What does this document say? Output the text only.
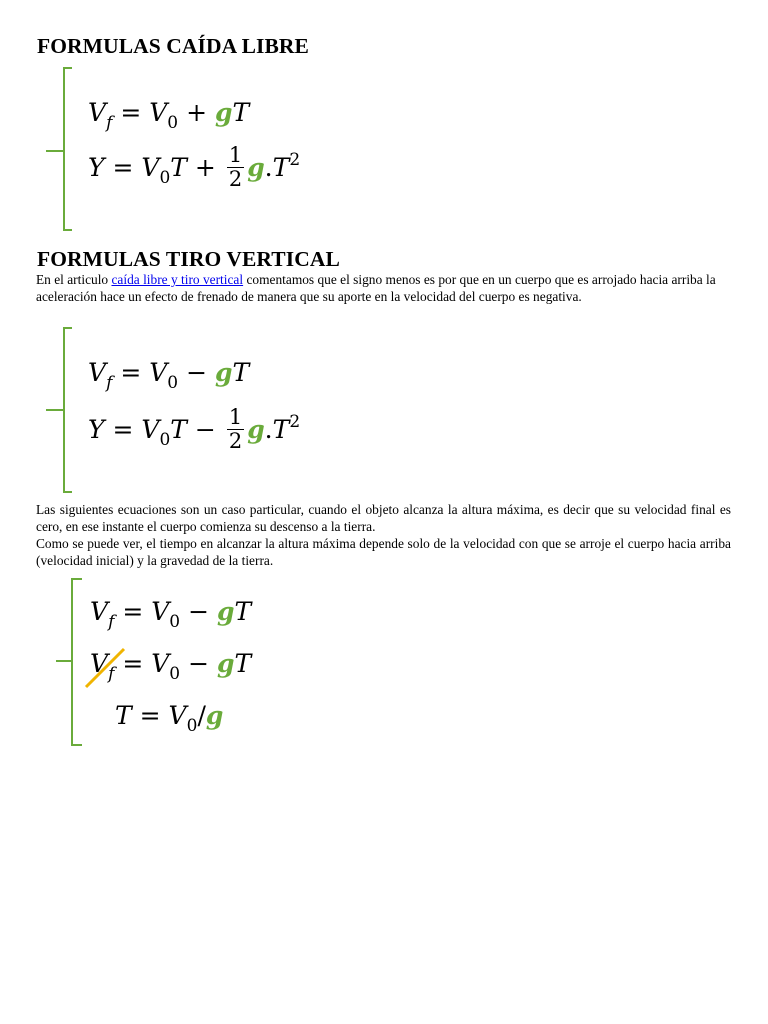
FORMULAS CAÍDA LIBRE
$V_f = V_0$ + gT
$Y = V_0T + \frac{1}{2} g.T^2$
FORMULAS TIRO VERTICAL

En el articulo caída libre y tiro vertical comentamos que el signo menos es por que en un cuerpo que es arrojado hacia arriba la aceleración hace un efecto de frenado de manera que su aporte en la velocidad del cuerpo es negativa.

$V_f = V_0$ − gT
$Y = V_0T - \frac{1}{2} g.T^2$

Las siguientes ecuaciones son un caso particular, cuando el objeto alcanza la altura máxima, es decir que su velocidad final es cero, en ese instante el cuerpo comienza su descenso a la tierra.

Como se puede ver, el tiempo en alcanzar la altura máxima depende solo de la velocidad con que se arroje el cuerpo hacia arriba (velocidad inicial) y la gravedad de la tierra.

$V_f = V_0$ − gT
$V_f = V_0$ − gT
$T = V_0/g$
